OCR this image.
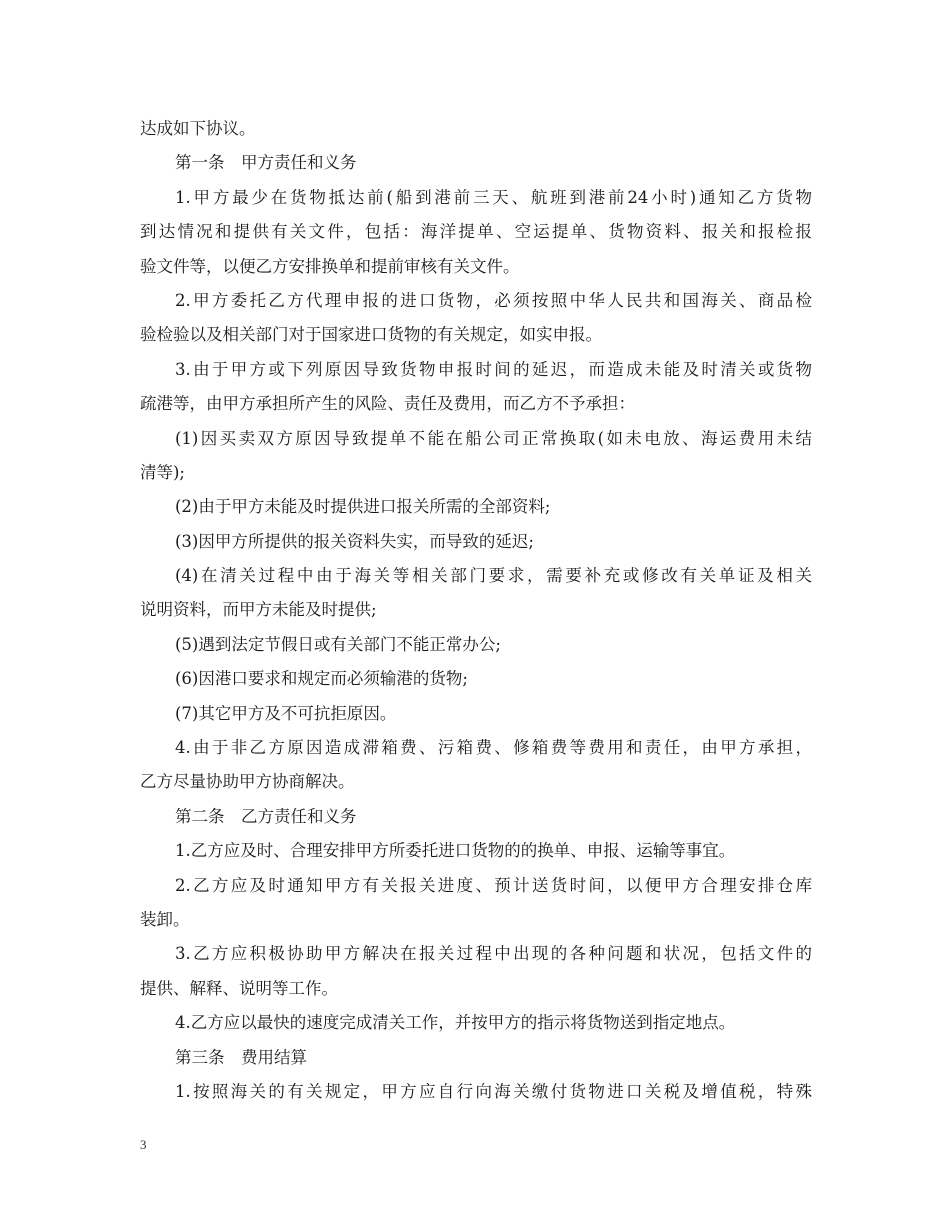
达成如下协议。
第一条　甲方责任和义务
1.甲方最少在货物抵达前(船到港前三天、航班到港前24小时)通知乙方货物
到达情况和提供有关文件，包括：海洋提单、空运提单、货物资料、报关和报检报
验文件等，以便乙方安排换单和提前审核有关文件。
2.甲方委托乙方代理申报的进口货物，必须按照中华人民共和国海关、商品检
验检验以及相关部门对于国家进口货物的有关规定，如实申报。
3.由于甲方或下列原因导致货物申报时间的延迟，而造成未能及时清关或货物
疏港等，由甲方承担所产生的风险、责任及费用，而乙方不予承担：
(1)因买卖双方原因导致提单不能在船公司正常换取(如未电放、海运费用未结
清等);
(2)由于甲方未能及时提供进口报关所需的全部资料;
(3)因甲方所提供的报关资料失实，而导致的延迟;
(4)在清关过程中由于海关等相关部门要求，需要补充或修改有关单证及相关
说明资料，而甲方未能及时提供;
(5)遇到法定节假日或有关部门不能正常办公;
(6)因港口要求和规定而必须输港的货物;
(7)其它甲方及不可抗拒原因。
4.由于非乙方原因造成滞箱费、污箱费、修箱费等费用和责任，由甲方承担，
乙方尽量协助甲方协商解决。
第二条　乙方责任和义务
1.乙方应及时、合理安排甲方所委托进口货物的的换单、申报、运输等事宜。
2.乙方应及时通知甲方有关报关进度、预计送货时间，以便甲方合理安排仓库
装卸。
3.乙方应积极协助甲方解决在报关过程中出现的各种问题和状况，包括文件的
提供、解释、说明等工作。
4.乙方应以最快的速度完成清关工作，并按甲方的指示将货物送到指定地点。
第三条　费用结算
1.按照海关的有关规定，甲方应自行向海关缴付货物进口关税及增值税，特殊
3
